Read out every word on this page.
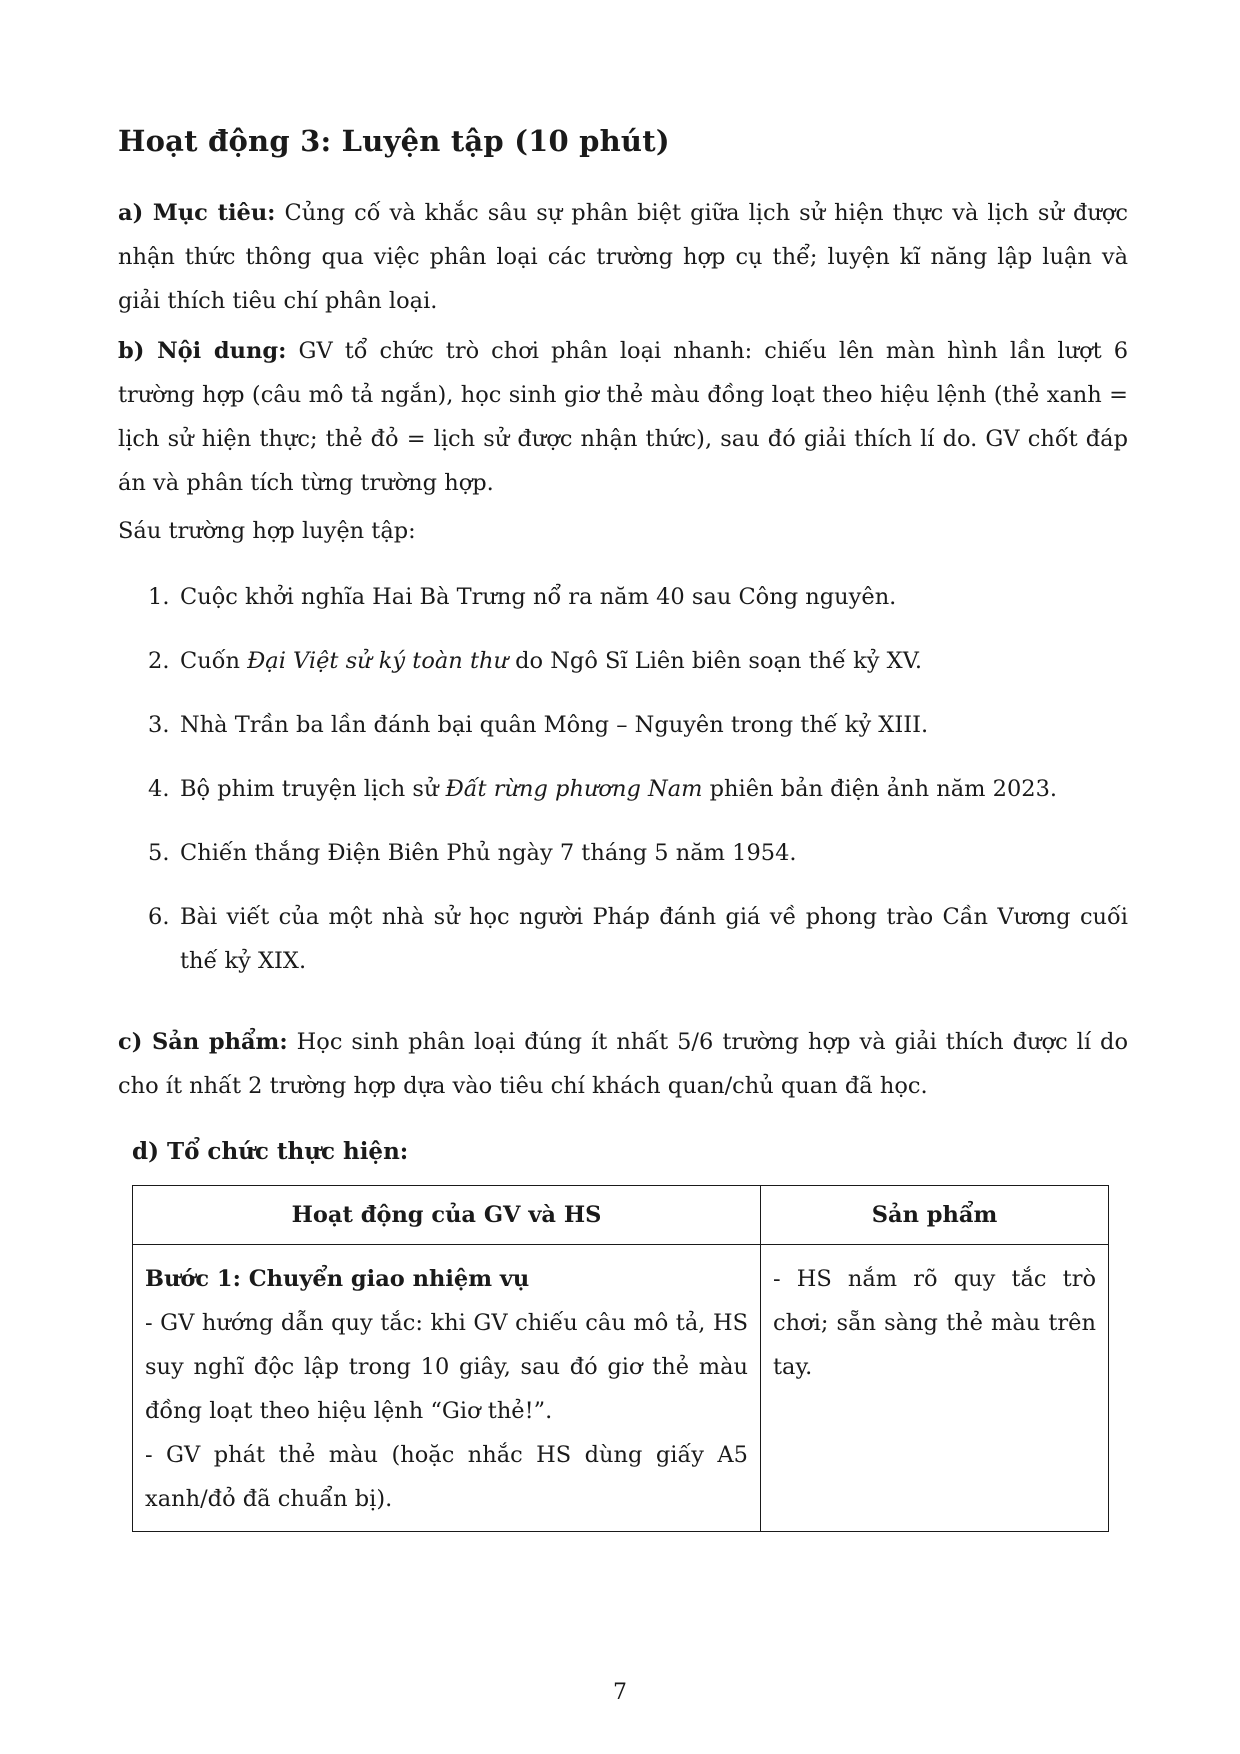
Hoạt động 3: Luyện tập (10 phút)

a) Mục tiêu: Củng cố và khắc sâu sự phân biệt giữa lịch sử hiện thực và lịch sử được nhận thức thông qua việc phân loại các trường hợp cụ thể; luyện kĩ năng lập luận và giải thích tiêu chí phân loại.

b) Nội dung: GV tổ chức trò chơi phân loại nhanh: chiếu lên màn hình lần lượt 6 trường hợp (câu mô tả ngắn), học sinh giơ thẻ màu đồng loạt theo hiệu lệnh (thẻ xanh = lịch sử hiện thực; thẻ đỏ = lịch sử được nhận thức), sau đó giải thích lí do. GV chốt đáp án và phân tích từng trường hợp.

Sáu trường hợp luyện tập:

1. Cuộc khởi nghĩa Hai Bà Trưng nổ ra năm 40 sau Công nguyên.
2. Cuốn Đại Việt sử ký toàn thư do Ngô Sĩ Liên biên soạn thế kỷ XV.
3. Nhà Trần ba lần đánh bại quân Mông – Nguyên trong thế kỷ XIII.
4. Bộ phim truyện lịch sử Đất rừng phương Nam phiên bản điện ảnh năm 2023.
5. Chiến thắng Điện Biên Phủ ngày 7 tháng 5 năm 1954.
6. Bài viết của một nhà sử học người Pháp đánh giá về phong trào Cần Vương cuối thế kỷ XIX.

c) Sản phẩm: Học sinh phân loại đúng ít nhất 5/6 trường hợp và giải thích được lí do cho ít nhất 2 trường hợp dựa vào tiêu chí khách quan/chủ quan đã học.

d) Tổ chức thực hiện:
Hoạt động của GV và HS	Sản phẩm

Bước 1: Chuyển giao nhiệm vụ
- GV hướng dẫn quy tắc: khi GV chiếu câu mô tả, HS suy nghĩ độc lập trong 10 giây, sau đó giơ thẻ màu đồng loạt theo hiệu lệnh “Giơ thẻ!”.
- GV phát thẻ màu (hoặc nhắc HS dùng giấy A5 xanh/đỏ đã chuẩn bị).	- HS nắm rõ quy tắc trò chơi; sẵn sàng thẻ màu trên tay.
7
